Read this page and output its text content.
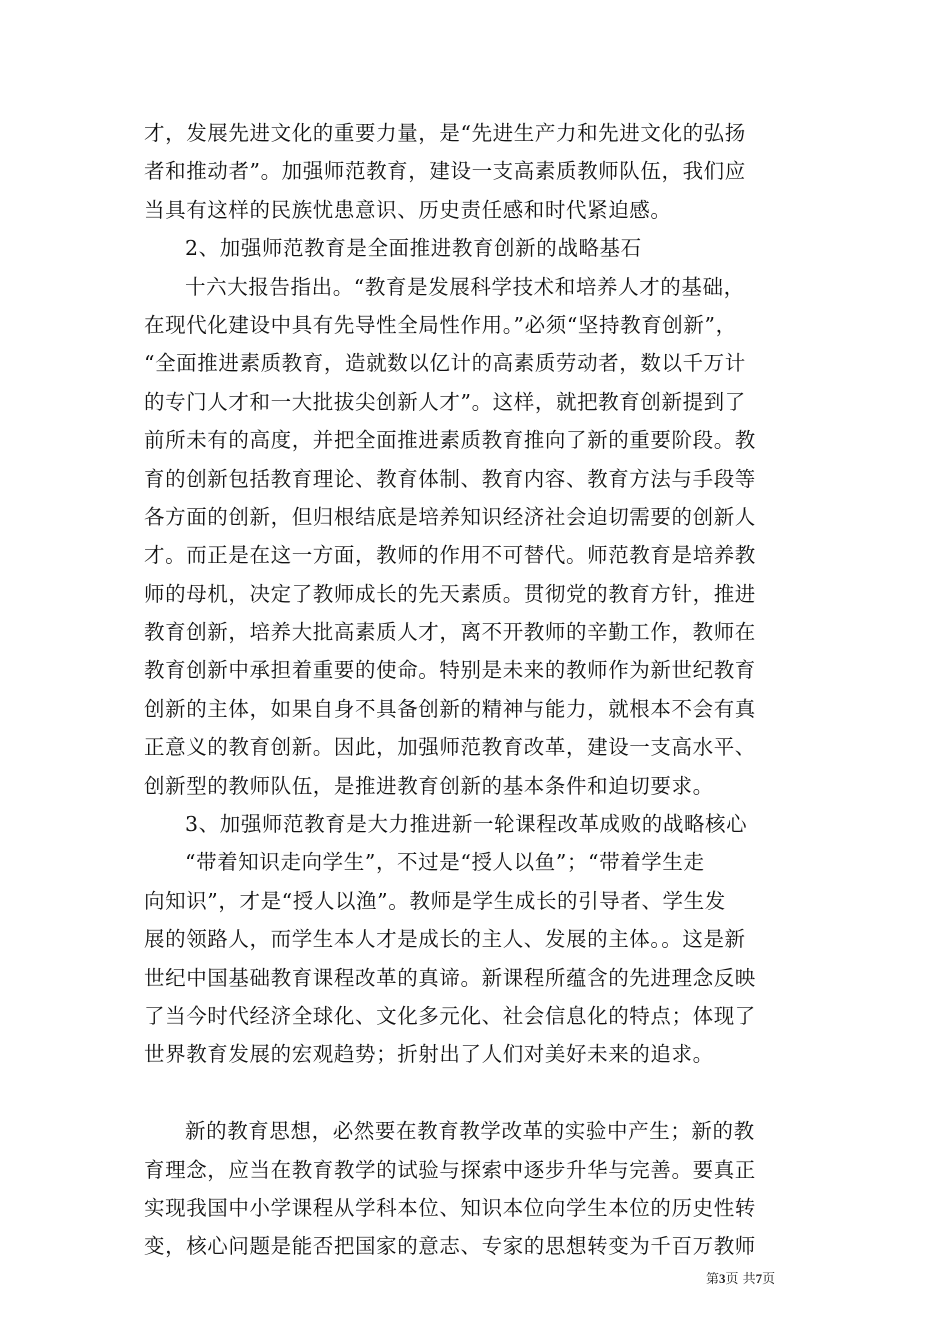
才，发展先进文化的重要力量，是“先进生产力和先进文化的弘扬
者和推动者”。加强师范教育，建设一支高素质教师队伍，我们应
当具有这样的民族忧患意识、历史责任感和时代紧迫感。
2、加强师范教育是全面推进教育创新的战略基石
十六大报告指出。“教育是发展科学技术和培养人才的基础，
在现代化建设中具有先导性全局性作用。”必须“坚持教育创新”，
“全面推进素质教育，造就数以亿计的高素质劳动者，数以千万计
的专门人才和一大批拔尖创新人才”。这样，就把教育创新提到了
前所未有的高度，并把全面推进素质教育推向了新的重要阶段。教
育的创新包括教育理论、教育体制、教育内容、教育方法与手段等
各方面的创新，但归根结底是培养知识经济社会迫切需要的创新人
才。而正是在这一方面，教师的作用不可替代。师范教育是培养教
师的母机，决定了教师成长的先天素质。贯彻党的教育方针，推进
教育创新，培养大批高素质人才，离不开教师的辛勤工作，教师在
教育创新中承担着重要的使命。特别是未来的教师作为新世纪教育
创新的主体，如果自身不具备创新的精神与能力，就根本不会有真
正意义的教育创新。因此，加强师范教育改革，建设一支高水平、
创新型的教师队伍，是推进教育创新的基本条件和迫切要求。
3、加强师范教育是大力推进新一轮课程改革成败的战略核心
“带着知识走向学生”，不过是“授人以鱼”；“带着学生走
向知识”，才是“授人以渔”。教师是学生成长的引导者、学生发
展的领路人，而学生本人才是成长的主人、发展的主体。。这是新
世纪中国基础教育课程改革的真谛。新课程所蕴含的先进理念反映
了当今时代经济全球化、文化多元化、社会信息化的特点；体现了
世界教育发展的宏观趋势；折射出了人们对美好未来的追求。
新的教育思想，必然要在教育教学改革的实验中产生；新的教
育理念，应当在教育教学的试验与探索中逐步升华与完善。要真正
实现我国中小学课程从学科本位、知识本位向学生本位的历史性转
变，核心问题是能否把国家的意志、专家的思想转变为千百万教师
第3页 共7页
